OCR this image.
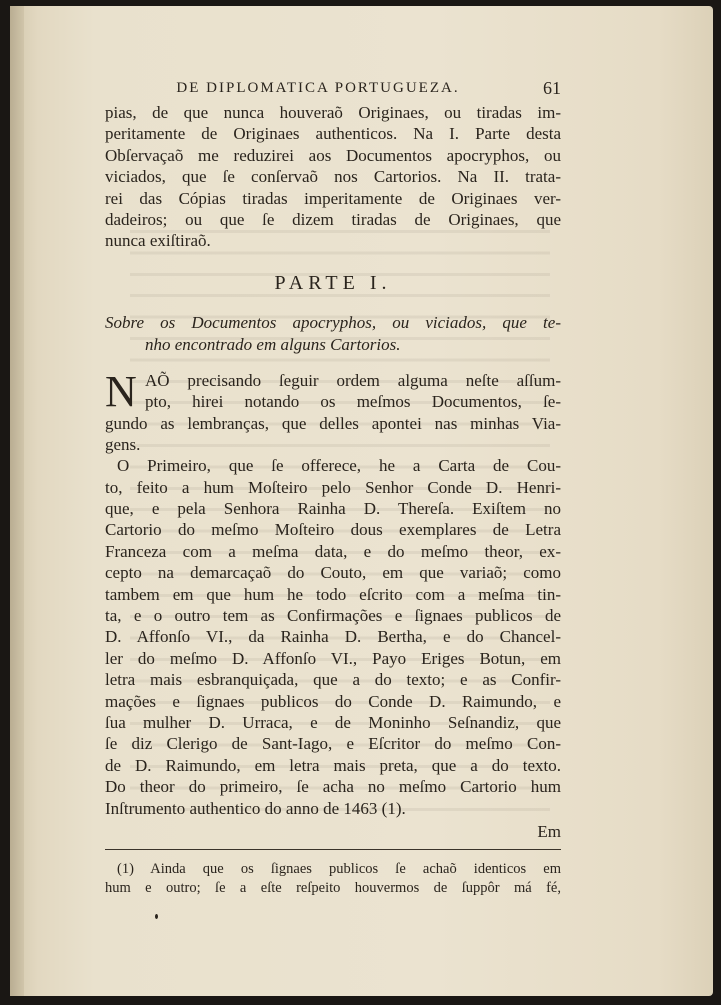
DE DIPLOMATICA PORTUGUEZA.	61
pias, de que nunca houveraõ Originaes, ou tiradas im-
peritamente de Originaes authenticos. Na I. Parte desta
Obſervaçaõ me reduzirei aos Documentos apocryphos, ou
viciados, que ſe conſervaõ nos Cartorios. Na II. trata-
rei das Cópias tiradas imperitamente de Originaes ver-
dadeiros; ou que ſe dizem tiradas de Originaes, que
nunca exiſtiraõ.
PARTE I.
Sobre os Documentos apocryphos, ou viciados, que te-
nho encontrado em alguns Cartorios.
N AÕ precisando ſeguir ordem alguma neſte aſſum-
pto, hirei notando os meſmos Documentos, ſe-
gundo as lembranças, que delles apontei nas minhas Via-
gens.
O Primeiro, que ſe offerece, he a Carta de Cou-
to, feito a hum Moſteiro pelo Senhor Conde D. Henri-
que, e pela Senhora Rainha D. Thereſa. Exiſtem no
Cartorio do meſmo Moſteiro dous exemplares de Letra
Franceza com a meſma data, e do meſmo theor, ex-
cepto na demarcaçaõ do Couto, em que variaõ; como
tambem em que hum he todo eſcrito com a meſma tin-
ta, e o outro tem as Confirmações e ſignaes publicos de
D. Affonſo VI., da Rainha D. Bertha, e do Chancel-
ler do meſmo D. Affonſo VI., Payo Eriges Botun, em
letra mais esbranquiçada, que a do texto; e as Confir-
mações e ſignaes publicos do Conde D. Raimundo, e
ſua mulher D. Urraca, e de Moninho Seſnandiz, que
ſe diz Clerigo de Sant-Iago, e Eſcritor do meſmo Con-
de D. Raimundo, em letra mais preta, que a do texto.
Do theor do primeiro, ſe acha no meſmo Cartorio hum
Inſtrumento authentico do anno de 1463 (1).
Em
(1) Ainda que os ſignaes publicos ſe achaõ identicos em
hum e outro; ſe a eſte reſpeito houvermos de ſuppôr má fé,
